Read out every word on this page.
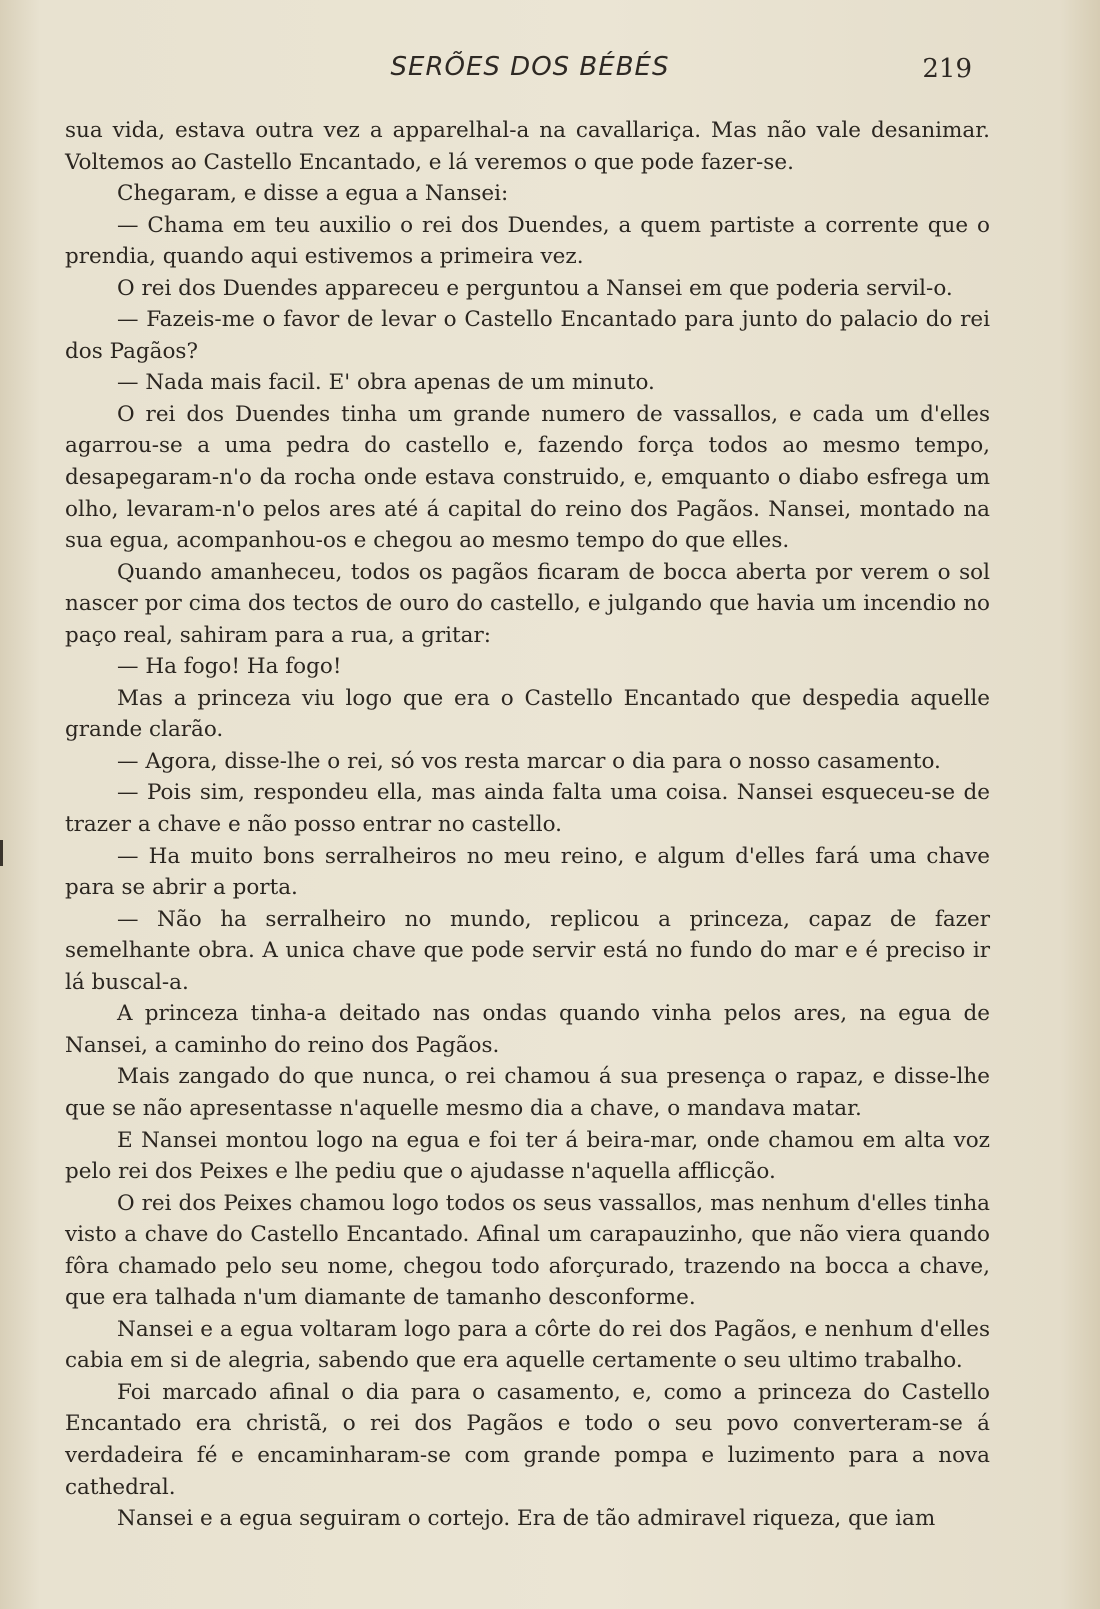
SERÕES DOS BÉBÉS	219

sua vida, estava outra vez a apparelhal-a na cavallariça. Mas não vale desanimar. Voltemos ao Castello Encantado, e lá veremos o que pode fazer-se.

Chegaram, e disse a egua a Nansei:

— Chama em teu auxilio o rei dos Duendes, a quem partiste a corrente que o prendia, quando aqui estivemos a primeira vez.

O rei dos Duendes appareceu e perguntou a Nansei em que poderia servil-o.

— Fazeis-me o favor de levar o Castello Encantado para junto do palacio do rei dos Pagãos?

— Nada mais facil. E' obra apenas de um minuto.

O rei dos Duendes tinha um grande numero de vassallos, e cada um d'elles agarrou-se a uma pedra do castello e, fazendo força todos ao mesmo tempo, desapegaram-n'o da rocha onde estava construido, e, emquanto o diabo esfrega um olho, levaram-n'o pelos ares até á capital do reino dos Pagãos. Nansei, montado na sua egua, acompanhou-os e chegou ao mesmo tempo do que elles.

Quando amanheceu, todos os pagãos ficaram de bocca aberta por verem o sol nascer por cima dos tectos de ouro do castello, e julgando que havia um incendio no paço real, sahiram para a rua, a gritar:

— Ha fogo! Ha fogo!

Mas a princeza viu logo que era o Castello Encantado que despedia aquelle grande clarão.

— Agora, disse-lhe o rei, só vos resta marcar o dia para o nosso casamento.

— Pois sim, respondeu ella, mas ainda falta uma coisa. Nansei esqueceu-se de trazer a chave e não posso entrar no castello.

— Ha muito bons serralheiros no meu reino, e algum d'elles fará uma chave para se abrir a porta.

— Não ha serralheiro no mundo, replicou a princeza, capaz de fazer semelhante obra. A unica chave que pode servir está no fundo do mar e é preciso ir lá buscal-a.

A princeza tinha-a deitado nas ondas quando vinha pelos ares, na egua de Nansei, a caminho do reino dos Pagãos.

Mais zangado do que nunca, o rei chamou á sua presença o rapaz, e disse-lhe que se não apresentasse n'aquelle mesmo dia a chave, o mandava matar.

E Nansei montou logo na egua e foi ter á beira-mar, onde chamou em alta voz pelo rei dos Peixes e lhe pediu que o ajudasse n'aquella afflicção.

O rei dos Peixes chamou logo todos os seus vassallos, mas nenhum d'elles tinha visto a chave do Castello Encantado. Afinal um carapauzinho, que não viera quando fôra chamado pelo seu nome, chegou todo aforçurado, trazendo na bocca a chave, que era talhada n'um diamante de tamanho desconforme.

Nansei e a egua voltaram logo para a côrte do rei dos Pagãos, e nenhum d'elles cabia em si de alegria, sabendo que era aquelle certamente o seu ultimo trabalho.

Foi marcado afinal o dia para o casamento, e, como a princeza do Castello Encantado era christã, o rei dos Pagãos e todo o seu povo converteram-se á verdadeira fé e encaminharam-se com grande pompa e luzimento para a nova cathedral.

Nansei e a egua seguiram o cortejo. Era de tão admiravel riqueza, que iam
